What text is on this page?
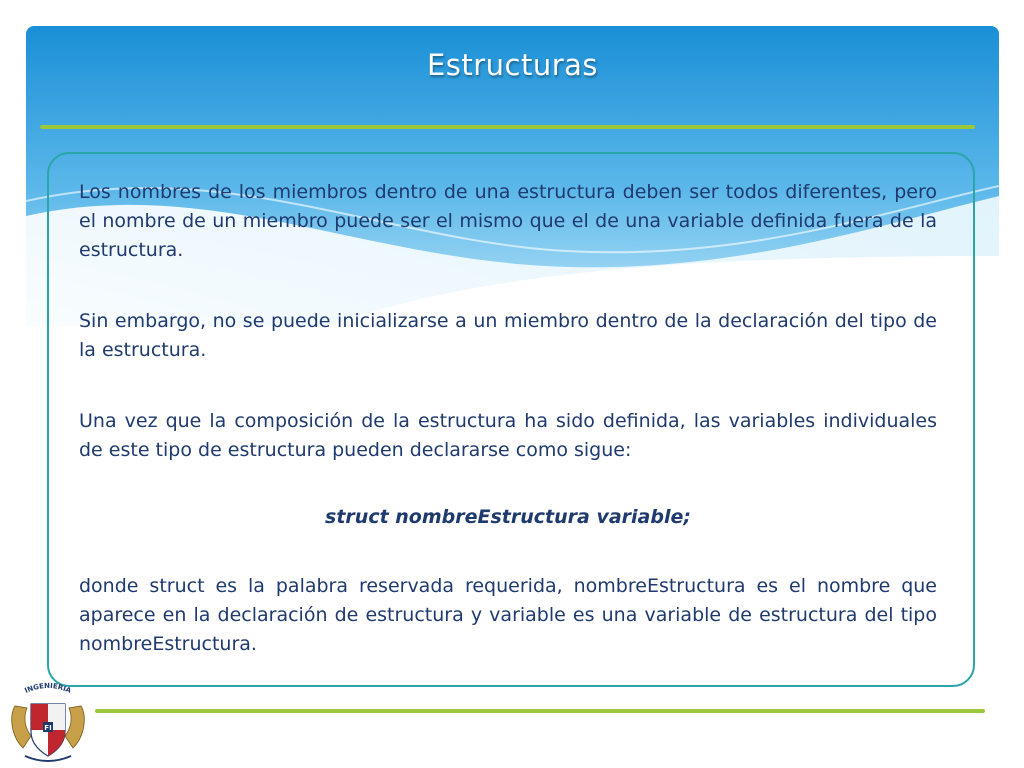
Estructuras

Los nombres de los miembros dentro de una estructura deben ser todos diferentes, pero el nombre de un miembro puede ser el mismo que el de una variable definida fuera de la estructura.

Sin embargo, no se puede inicializarse a un miembro dentro de la declaración del tipo de la estructura.

Una vez que la composición de la estructura ha sido definida, las variables individuales de este tipo de estructura pueden declararse como sigue:

struct nombreEstructura variable;

donde struct es la palabra reservada requerida, nombreEstructura es el nombre que aparece en la declaración de estructura y variable es una variable de estructura del tipo nombreEstructura.

INGENIERIA
FI
